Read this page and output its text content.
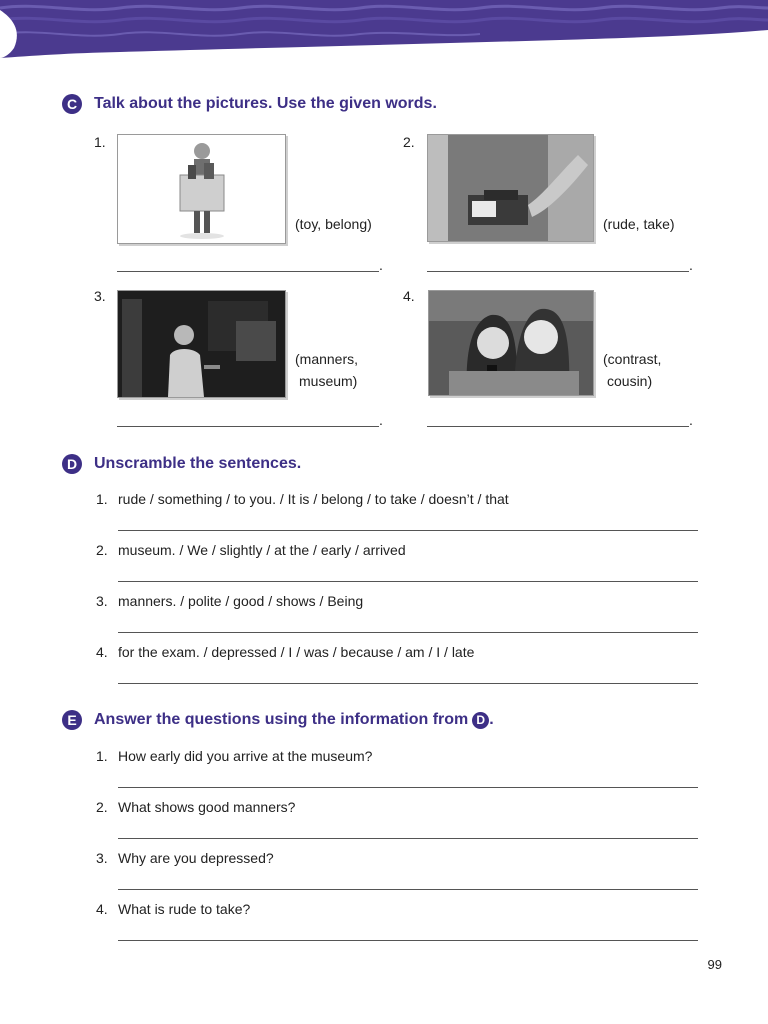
C	Talk about the pictures. Use the given words.
1.
(toy, belong)
.
2.
(rude, take)
.
3.
(manners,
museum)
.
4.
(contrast,
cousin)
.
D	Unscramble the sentences.
1. rude / something / to you. / It is / belong / to take / doesn’t / that
2. museum. / We / slightly / at the / early / arrived
3. manners. / polite / good / shows / Being
4. for the exam. / depressed / I / was / because / am / I / late
E	Answer the questions using the information from D .
1. How early did you arrive at the museum?
2. What shows good manners?
3. Why are you depressed?
4. What is rude to take?
99
